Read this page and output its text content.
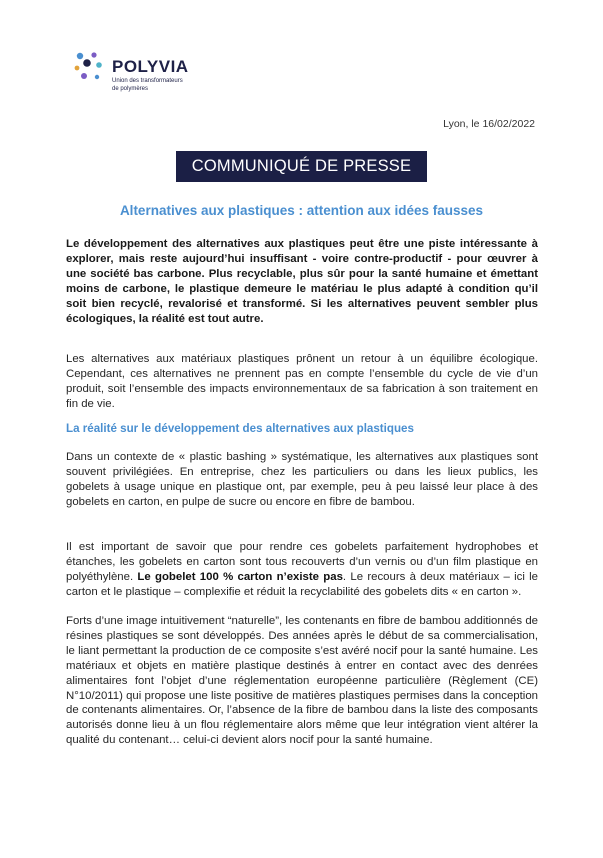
POLYVIA
Union des transformateurs
de polymères
Lyon, le 16/02/2022
COMMUNIQUÉ DE PRESSE
Alternatives aux plastiques : attention aux idées fausses
Le développement des alternatives aux plastiques peut être une piste intéressante à explorer, mais reste aujourd’hui insuffisant - voire contre-productif - pour œuvrer à une société bas carbone. Plus recyclable, plus sûr pour la santé humaine et émettant moins de carbone, le plastique demeure le matériau le plus adapté à condition qu’il soit bien recyclé, revalorisé et transformé. Si les alternatives peuvent sembler plus écologiques, la réalité est tout autre.
Les alternatives aux matériaux plastiques prônent un retour à un équilibre écologique. Cependant, ces alternatives ne prennent pas en compte l’ensemble du cycle de vie d’un produit, soit l’ensemble des impacts environnementaux de sa fabrication à son traitement en fin de vie.
La réalité sur le développement des alternatives aux plastiques
Dans un contexte de « plastic bashing » systématique, les alternatives aux plastiques sont souvent privilégiées. En entreprise, chez les particuliers ou dans les lieux publics, les gobelets à usage unique en plastique ont, par exemple, peu à peu laissé leur place à des gobelets en carton, en pulpe de sucre ou encore en fibre de bambou.
Il est important de savoir que pour rendre ces gobelets parfaitement hydrophobes et étanches, les gobelets en carton sont tous recouverts d’un vernis ou d’un film plastique en polyéthylène. Le gobelet 100 % carton n’existe pas. Le recours à deux matériaux – ici le carton et le plastique – complexifie et réduit la recyclabilité des gobelets dits « en carton ».
Forts d’une image intuitivement “naturelle”, les contenants en fibre de bambou additionnés de résines plastiques se sont développés. Des années après le début de sa commercialisation, le liant permettant la production de ce composite s’est avéré nocif pour la santé humaine. Les matériaux et objets en matière plastique destinés à entrer en contact avec des denrées alimentaires font l’objet d’une réglementation européenne particulière (Règlement (CE) N°10/2011) qui propose une liste positive de matières plastiques permises dans la conception de contenants alimentaires. Or, l’absence de la fibre de bambou dans la liste des composants autorisés donne lieu à un flou réglementaire alors même que leur intégration vient altérer la qualité du contenant… celui-ci devient alors nocif pour la santé humaine.
